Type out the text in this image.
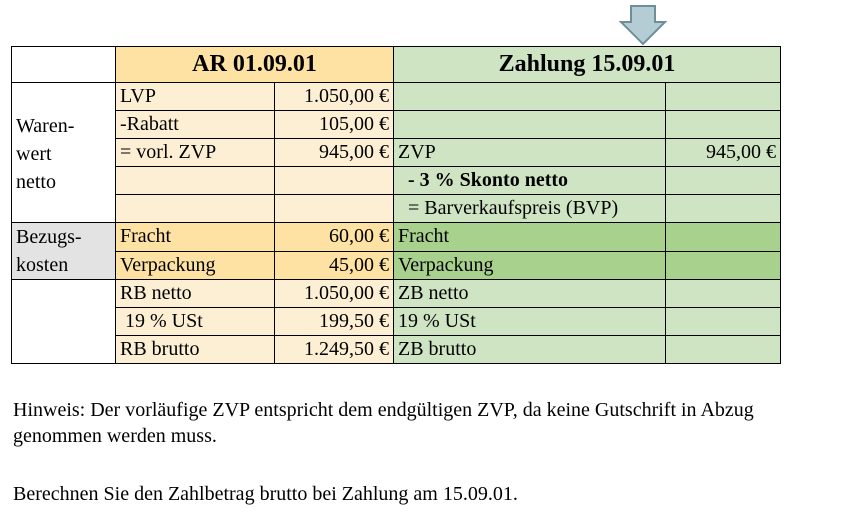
	AR 01.09.01		Zahlung 15.09.01	

Waren-
wert
netto	LVP	1.050,00 €		
	-Rabatt	105,00 €		
	= vorl. ZVP	945,00 €	ZVP	945,00 €
			- 3 % Skonto netto	
			= Barverkaufspreis (BVP)	

Bezugs-
kosten	Fracht	60,00 €	Fracht	
	Verpackung	45,00 €	Verpackung	
	RB netto	1.050,00 €	ZB netto	
	19 % USt	199,50 €	19 % USt	
	RB brutto	1.249,50 €	ZB brutto	
Hinweis: Der vorläufige ZVP entspricht dem endgültigen ZVP, da keine Gutschrift in Abzug genommen werden muss.
Berechnen Sie den Zahlbetrag brutto bei Zahlung am 15.09.01.
